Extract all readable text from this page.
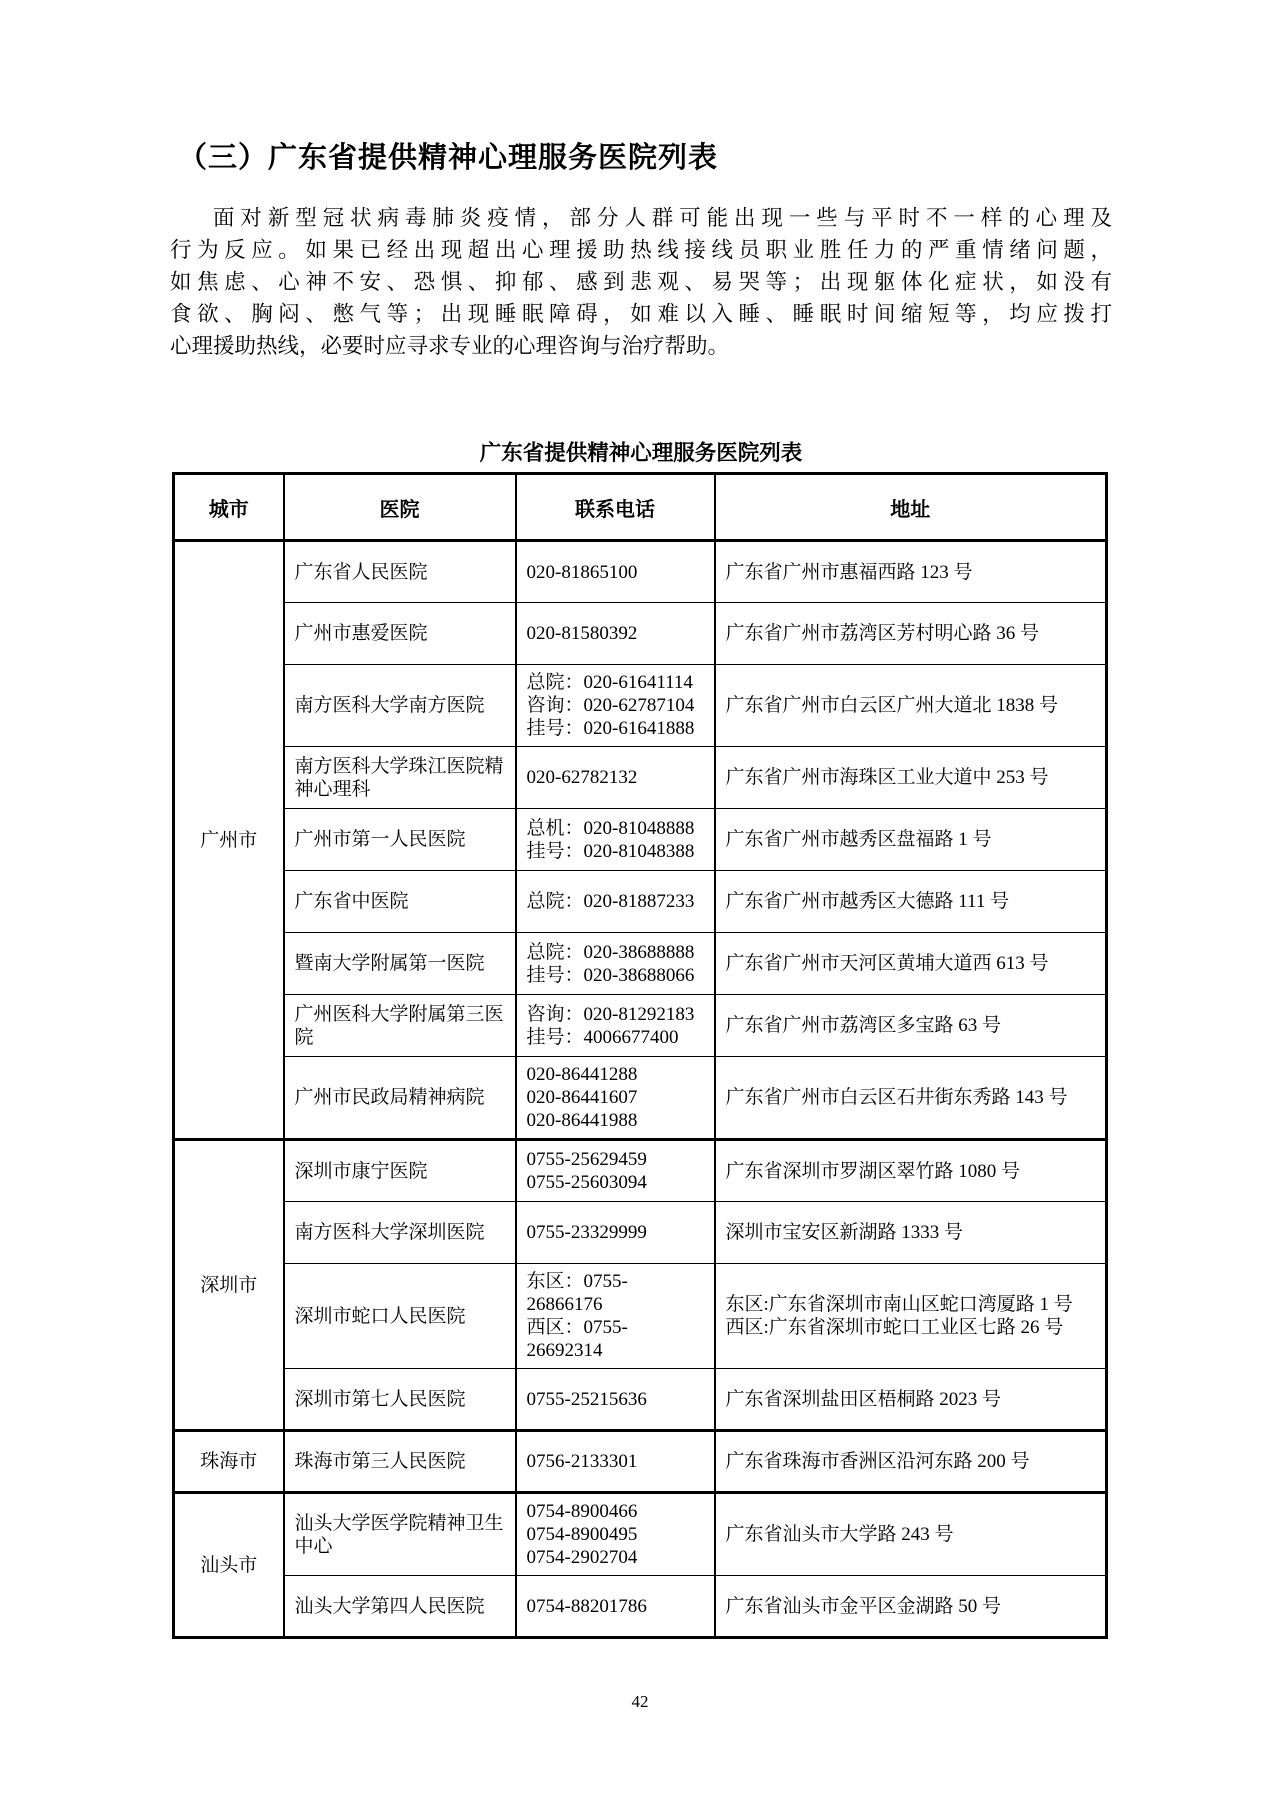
（三）广东省提供精神心理服务医院列表
面对新型冠状病毒肺炎疫情，部分人群可能出现一些与平时不一样的心理及
行为反应。如果已经出现超出心理援助热线接线员职业胜任力的严重情绪问题，
如焦虑、心神不安、恐惧、抑郁、感到悲观、易哭等；出现躯体化症状，如没有
食欲、胸闷、憋气等；出现睡眠障碍，如难以入睡、睡眠时间缩短等，均应拨打
心理援助热线，必要时应寻求专业的心理咨询与治疗帮助。
广东省提供精神心理服务医院列表
城市	医院	联系电话	地址
广州市	广东省人民医院	020-81865100	广东省广州市惠福西路 123 号

	广州市惠爱医院	020-81580392	广东省广州市荔湾区芳村明心路 36 号

	南方医科大学南方医院	总院：020-61641114
咨询：020-62787104
挂号：020-61641888	广东省广州市白云区广州大道北 1838 号

	南方医科大学珠江医院精神心理科	020-62782132	广东省广州市海珠区工业大道中 253 号

	广州市第一人民医院	总机：020-81048888
挂号：020-81048388	广东省广州市越秀区盘福路 1 号

	广东省中医院	总院：020-81887233	广东省广州市越秀区大德路 111 号

	暨南大学附属第一医院	总院：020-38688888
挂号：020-38688066	广东省广州市天河区黄埔大道西 613 号

	广州医科大学附属第三医院	咨询：020-81292183
挂号：4006677400	广东省广州市荔湾区多宝路 63 号

	广州市民政局精神病院	020-86441288
020-86441607
020-86441988	广东省广州市白云区石井街东秀路 143 号

深圳市	深圳市康宁医院	0755-25629459
0755-25603094	广东省深圳市罗湖区翠竹路 1080 号

	南方医科大学深圳医院	0755-23329999	深圳市宝安区新湖路 1333 号

	深圳市蛇口人民医院	东区：0755-26866176
西区：0755-26692314	东区:广东省深圳市南山区蛇口湾厦路 1 号
西区:广东省深圳市蛇口工业区七路 26 号

	深圳市第七人民医院	0755-25215636	广东省深圳盐田区梧桐路 2023 号

珠海市	珠海市第三人民医院	0756-2133301	广东省珠海市香洲区沿河东路 200 号

汕头市	汕头大学医学院精神卫生中心	0754-8900466
0754-8900495
0754-2902704	广东省汕头市大学路 243 号

	汕头大学第四人民医院	0754-88201786	广东省汕头市金平区金湖路 50 号
42
